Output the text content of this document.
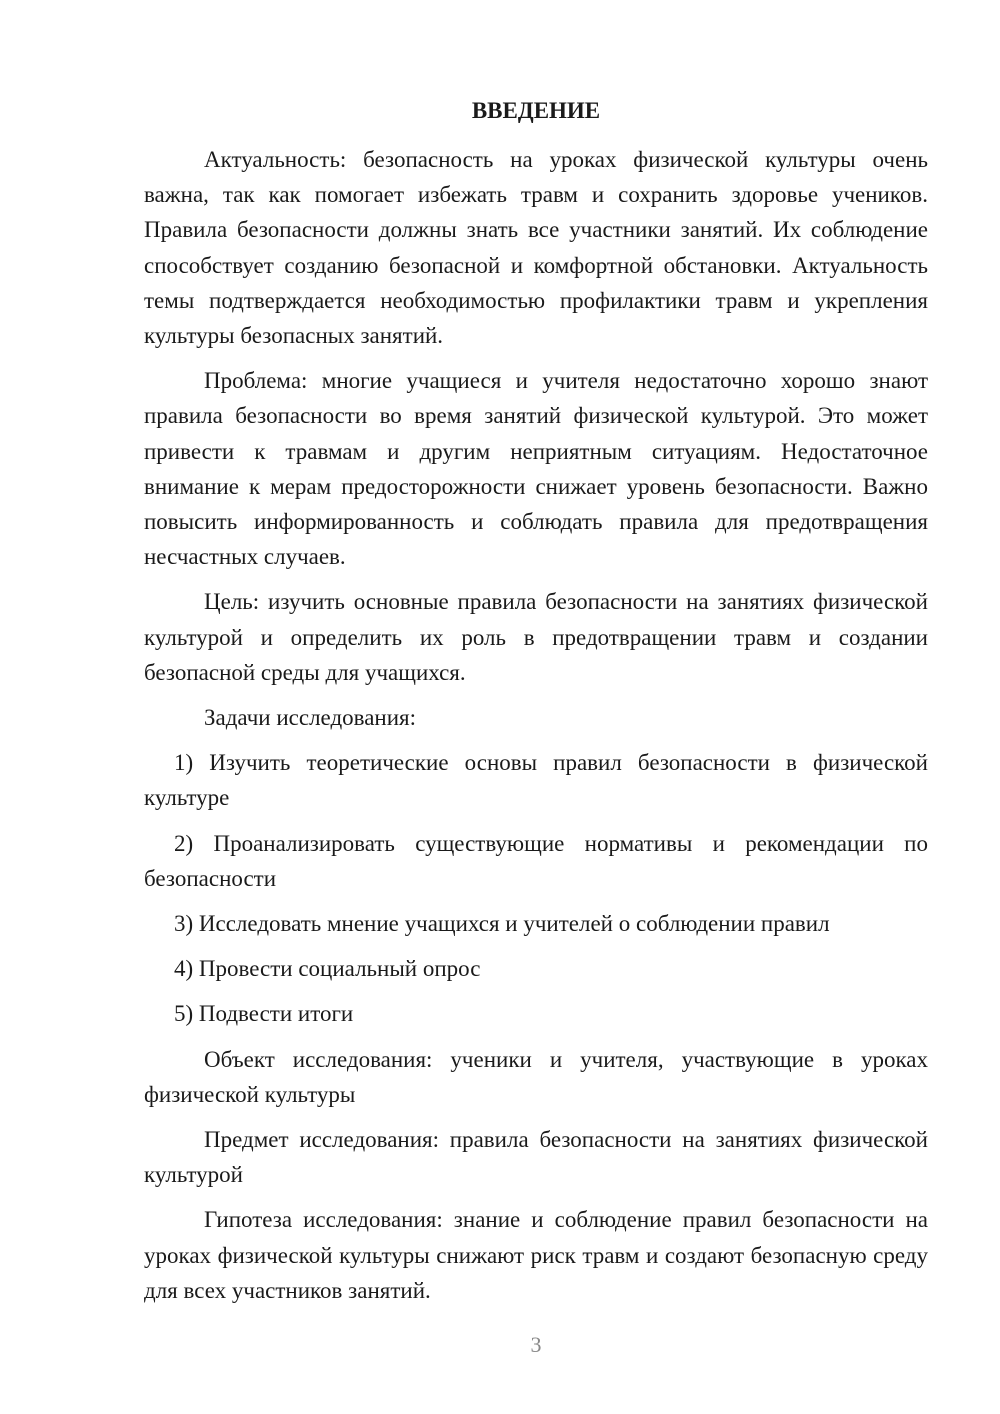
ВВЕДЕНИЕ

Актуальность: безопасность на уроках физической культуры очень важна, так как помогает избежать травм и сохранить здоровье учеников. Правила безопасности должны знать все участники занятий. Их соблюдение способствует созданию безопасной и комфортной обстановки. Актуальность темы подтверждается необходимостью профилактики травм и укрепления культуры безопасных занятий.

Проблема: многие учащиеся и учителя недостаточно хорошо знают правила безопасности во время занятий физической культурой. Это может привести к травмам и другим неприятным ситуациям. Недостаточное внимание к мерам предосторожности снижает уровень безопасности. Важно повысить информированность и соблюдать правила для предотвращения несчастных случаев.

Цель: изучить основные правила безопасности на занятиях физической культурой и определить их роль в предотвращении травм и создании безопасной среды для учащихся.

Задачи исследования:

1) Изучить теоретические основы правил безопасности в физической культуре

2) Проанализировать существующие нормативы и рекомендации по безопасности

3) Исследовать мнение учащихся и учителей о соблюдении правил

4) Провести социальный опрос

5) Подвести итоги

Объект исследования: ученики и учителя, участвующие в уроках физической культуры

Предмет исследования: правила безопасности на занятиях физической культурой

Гипотеза исследования: знание и соблюдение правил безопасности на уроках физической культуры снижают риск травм и создают безопасную среду для всех участников занятий.

3
